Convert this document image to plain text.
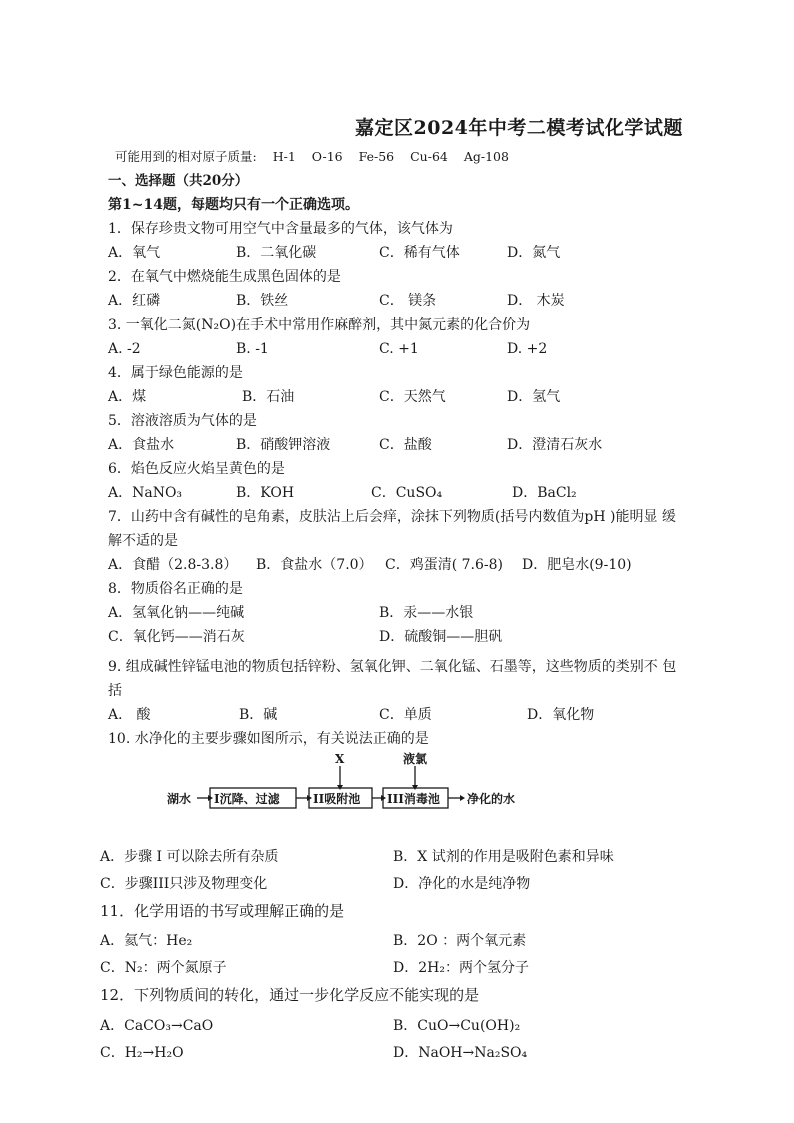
嘉定区2024年中考二模考试化学试题
可能用到的相对原子质量: H-1 O-16 Fe-56 Cu-64 Ag-108
一、选择题（共20分）
第1~14题，每题均只有一个正确选项。
1．保存珍贵文物可用空气中含量最多的气体，该气体为
A．氧气	B．二氧化碳	C．稀有气体	D．氮气
2．在氧气中燃烧能生成黑色固体的是
A．红磷	B．铁丝	C． 镁条	D． 木炭
3. 一氧化二氮(N₂O)在手术中常用作麻醉剂，其中氮元素的化合价为
A. -2	B. -1	C. +1	D. +2
4．属于绿色能源的是
A．煤	B．石油	C．天然气	D．氢气
5．溶液溶质为气体的是
A．食盐水	B．硝酸钾溶液	C．盐酸	D．澄清石灰水
6．焰色反应火焰呈黄色的是
A．NaNO₃	B．KOH	C．CuSO₄	D．BaCl₂
7．山药中含有碱性的皂角素，皮肤沾上后会痒，涂抹下列物质(括号内数值为pH )能明显 缓
解不适的是
A．食醋（2.8-3.8） B．食盐水（7.0） C．鸡蛋清( 7.6-8) D．肥皂水(9-10)
8．物质俗名正确的是
A．氢氧化钠——纯碱	B．汞——水银
C．氧化钙——消石灰	D．硫酸铜——胆矾
9. 组成碱性锌锰电池的物质包括锌粉、氢氧化钾、二氧化锰、石墨等，这些物质的类别不 包
括
A． 酸	B．碱	C．单质	D．氧化物
10. 水净化的主要步骤如图所示，有关说法正确的是
湖水 I沉降、过滤	II吸附池 III消毒池 净化的水
X	液氯
A．步骤 I 可以除去所有杂质	B．X 试剂的作用是吸附色素和异味
C．步骤III只涉及物理变化	D．净化的水是纯净物
11．化学用语的书写或理解正确的是
A．氦气：He₂	B．2O ：两个氧元素
C．N₂：两个氮原子	D．2H₂：两个氢分子
12．下列物质间的转化，通过一步化学反应不能实现的是
A．CaCO₃→CaO	B．CuO→Cu(OH)₂
C．H₂→H₂O	D．NaOH→Na₂SO₄
